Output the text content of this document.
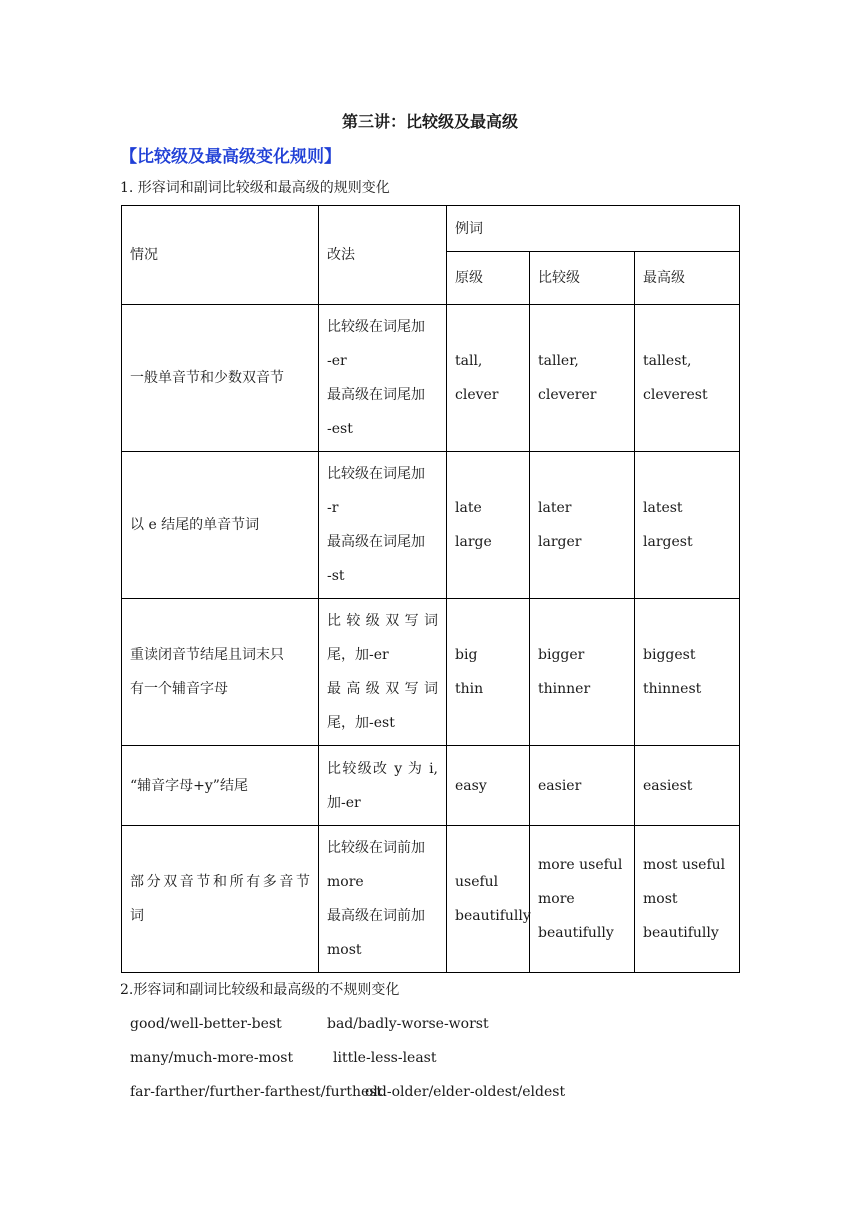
第三讲：比较级及最高级
【比较级及最高级变化规则】
1. 形容词和副词比较级和最高级的规则变化
情况	改法	例词		
		原级	比较级	最高级
一般单音节和少数双音节	比较级在词尾加
-er
最高级在词尾加
-est	tall,
clever	taller,
cleverer	tallest,
cleverest

以 e 结尾的单音节词	比较级在词尾加
-r
最高级在词尾加
-st	late
large	later
larger	latest
largest

重读闭音节结尾且词末只
有一个辅音字母	比较级双写词
尾，加-er
最高级双写词
尾，加-est	big
thin	bigger
thinner	biggest
thinnest

“辅音字母+y”结尾	比较级改 y 为 i,
加-er	easy	easier	easiest

部分双音节和所有多音节
词	比较级在词前加
more
最高级在词前加
most	useful
beautifully	more useful
more
beautifully	most useful
most
beautifully
2.形容词和副词比较级和最高级的不规则变化
good/well-better-best	bad/badly-worse-worst
many/much-more-most	little-less-least
far-farther/further-farthest/furthest
old-older/elder-oldest/eldest
